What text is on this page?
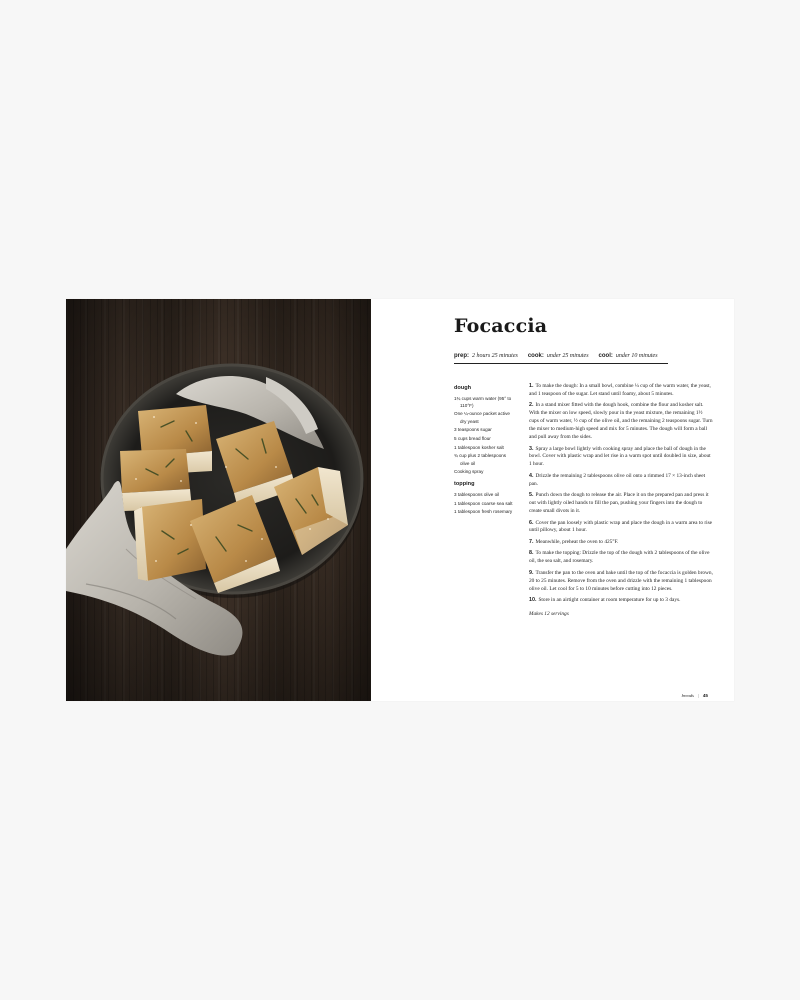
Focaccia
prep: 2 hours 25 minutes cook: under 25 minutes cool: under 10 minutes
dough
1¾ cups warm water (95° to
110°F)
One ¼-ounce packet active
dry yeast
3 teaspoons sugar
5 cups bread flour
1 tablespoon kosher salt
¾ cup plus 2 tablespoons
olive oil
Cooking spray
topping
3 tablespoons olive oil
1 tablespoon coarse sea salt
1 tablespoon fresh rosemary

1. To make the dough: In a small bowl, combine ¼ cup of the warm water, the yeast, and 1 teaspoon of the sugar. Let stand until foamy, about 5 minutes.

2. In a stand mixer fitted with the dough hook, combine the flour and kosher salt. With the mixer on low speed, slowly pour in the yeast mixture, the remaining 1½ cups of warm water, ½ cup of the olive oil, and the remaining 2 teaspoons sugar. Turn the mixer to medium-high speed and mix for 5 minutes. The dough will form a ball and pull away from the sides.

3. Spray a large bowl lightly with cooking spray and place the ball of dough in the bowl. Cover with plastic wrap and let rise in a warm spot until doubled in size, about 1 hour.

4. Drizzle the remaining 2 tablespoons olive oil onto a rimmed 17 × 13-inch sheet pan.

5. Punch down the dough to release the air. Place it on the prepared pan and press it out with lightly oiled hands to fill the pan, pushing your fingers into the dough to create small divots in it.

6. Cover the pan loosely with plastic wrap and place the dough in a warm area to rise until pillowy, about 1 hour.

7. Meanwhile, preheat the oven to 425°F.

8. To make the topping: Drizzle the top of the dough with 2 tablespoons of the olive oil, the sea salt, and rosemary.

9. Transfer the pan to the oven and bake until the top of the focaccia is golden brown, 20 to 25 minutes. Remove from the oven and drizzle with the remaining 1 tablespoon olive oil. Let cool for 5 to 10 minutes before cutting into 12 pieces.

10. Store in an airtight container at room temperature for up to 3 days.

Makes 12 servings

breads | 45
